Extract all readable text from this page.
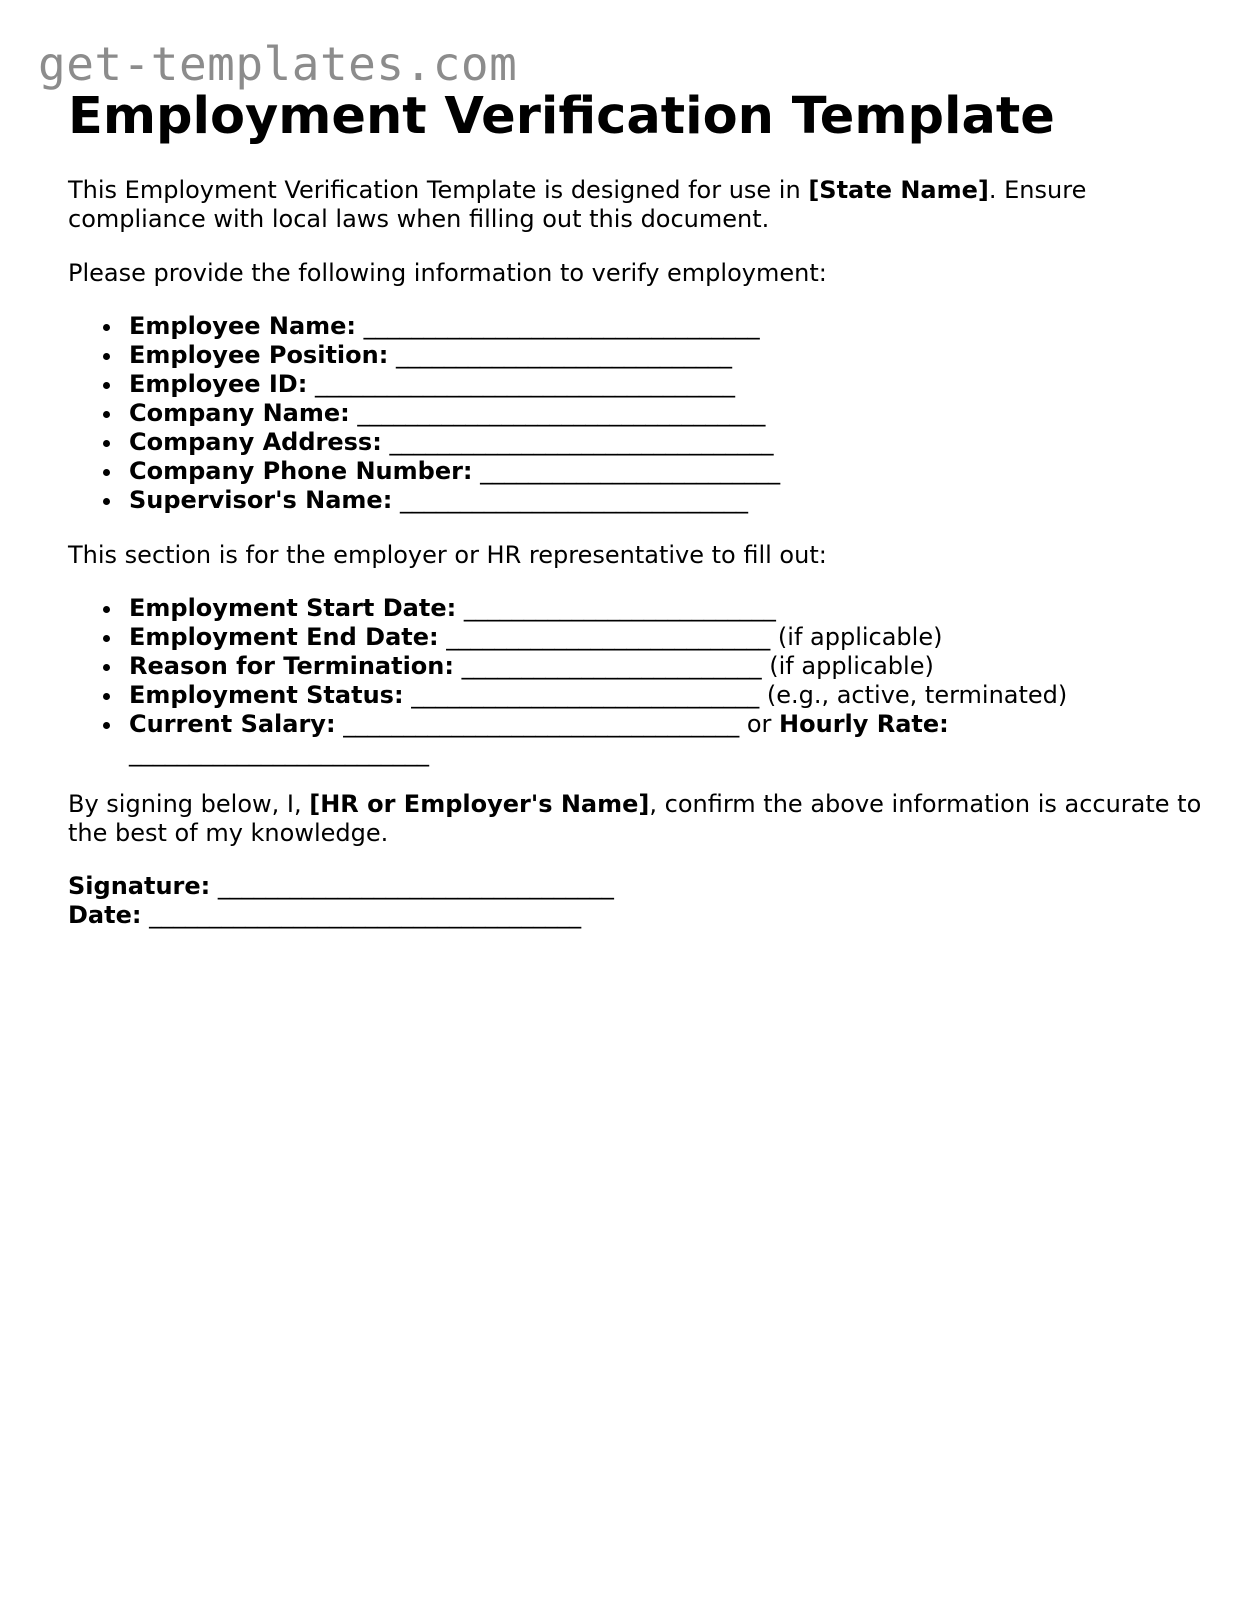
get-templates.com
Employment Verification Template

This Employment Verification Template is designed for use in [State Name]. Ensure compliance with local laws when filling out this document.

Please provide the following information to verify employment:

Employee Name: _________________________________
Employee Position: ____________________________
Employee ID: ___________________________________
Company Name: __________________________________
Company Address: ________________________________
Company Phone Number: _________________________
Supervisor's Name: _____________________________

This section is for the employer or HR representative to fill out:

Employment Start Date: __________________________
Employment End Date: ___________________________ (if applicable)
Reason for Termination: _________________________ (if applicable)
Employment Status: _____________________________ (e.g., active, terminated)
Current Salary: _________________________________ or Hourly Rate: _________________________

By signing below, I, [HR or Employer's Name], confirm the above information is accurate to the best of my knowledge.

Signature: _________________________________
Date: ____________________________________
